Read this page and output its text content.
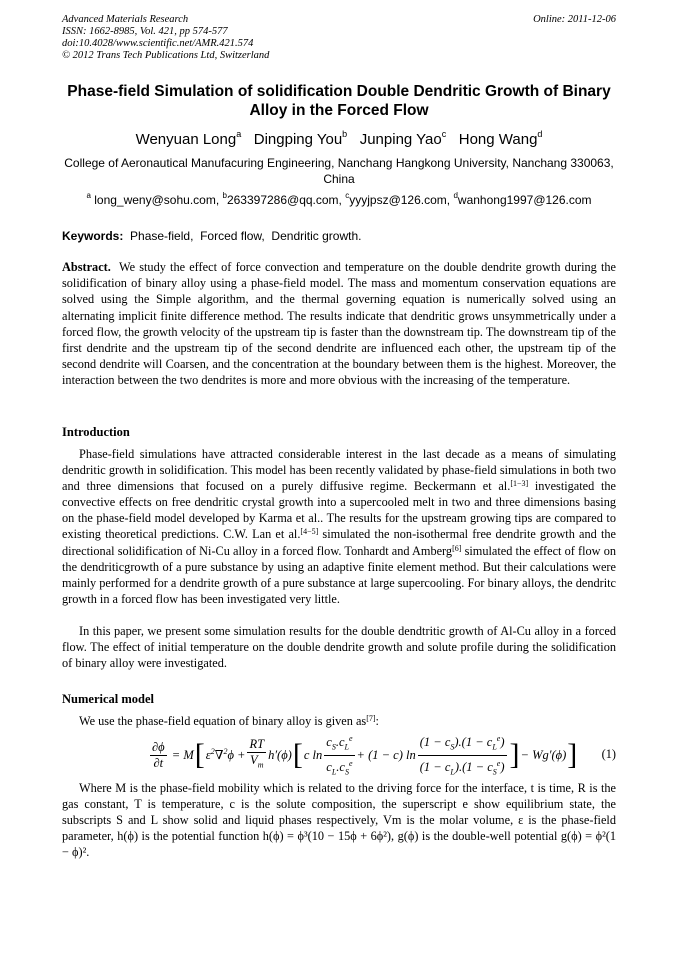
Advanced Materials Research
ISSN: 1662-8985, Vol. 421, pp 574-577
doi:10.4028/www.scientific.net/AMR.421.574
© 2012 Trans Tech Publications Ltd, Switzerland
Online: 2011-12-06
Phase-field Simulation of solidification Double Dendritic Growth of Binary Alloy in the Forced Flow
Wenyuan Long$^a$ Dingping You$^b$ Junping Yao$^c$ Hong Wang$^d$
College of Aeronautical Manufacuring Engineering, Nanchang Hangkong University, Nanchang 330063, China
$^a$ long_weny@sohu.com, $^b$263397286@qq.com, $^c$yyyjpsz@126.com, $^d$wanhong1997@126.com
Keywords:  Phase-field,  Forced flow,  Dendritic growth.
Abstract. We study the effect of force convection and temperature on the double dendrite growth during the solidification of binary alloy using a phase-field model. The mass and momentum conservation equations are solved using the Simple algorithm, and the thermal governing equation is numerically solved using an alternating implicit finite difference method. The results indicate that dendritic grows unsymmetrically under a forced flow, the growth velocity of the upstream tip is faster than the downstream tip. The downstream tip of the first dendrite and the upstream tip of the second dendrite are influenced each other, the upstream tip of the second dendrite will Coarsen, and the concentration at the boundary between them is the highest. Moreover, the interaction between the two dendrites is more and more obvious with the increasing of the temperature.
Introduction
Phase-field simulations have attracted considerable interest in the last decade as a means of simulating dendritic growth in solidification. This model has been recently validated by phase-field simulations in both two and three dimensions that focused on a purely diffusive regime. Beckermann et al.[1−3] investigated the convective effects on free dendritic crystal growth into a supercooled melt in two and three dimensions basing on the phase-field model developed by Karma et al.. The results for the upstream growing tips are compared to existing theoretical predictions. C.W. Lan et al.[4−5] simulated the non-isothermal free dendrite growth and the directional solidification of Ni-Cu alloy in a forced flow. Tonhardt and Amberg[6] simulated the effect of flow on the dendriticgrowth of a pure substance by using an adaptive finite element method. But their calculations were mainly performed for a dendrite growth of a pure substance at large supercooling. For binary alloys, the dendritc growth in a forced flow has been investigated very little.
In this paper, we present some simulation results for the double dendtritic growth of Al-Cu alloy in a forced flow. The effect of initial temperature on the double dendrite growth and solute profile during the solidification of binary alloy were investigated.
Numerical model
We use the phase-field equation of binary alloy is given as[7]:
$\frac{\partial\phi}{\partial t} = M$ [ $\varepsilon^2\nabla^2\phi + \frac{RT}{V_m} h'(\phi)$ [ c $\ln \frac{c_S.c_L^e}{c_L.c_S^e} + (1 - c)$ $\ln \frac{(1 - c_S).(1 - c_L^e)}{(1 - c_L).(1 - c_S^e)}$ ] − Wg′(ϕ) ] (1)
Where M is the phase-field mobility which is related to the driving force for the interface, t is time, R is the gas constant, T is temperature, c is the solute composition, the superscript e show equilibrium state, the subscripts S and L show solid and liquid phases respectively, Vm is the molar volume, ε is the phase-field parameter, h(ϕ) is the potential function h(ϕ) = ϕ³(10 − 15ϕ + 6ϕ²), g(ϕ) is the double-well potential g(ϕ) = ϕ²(1 − ϕ)².
